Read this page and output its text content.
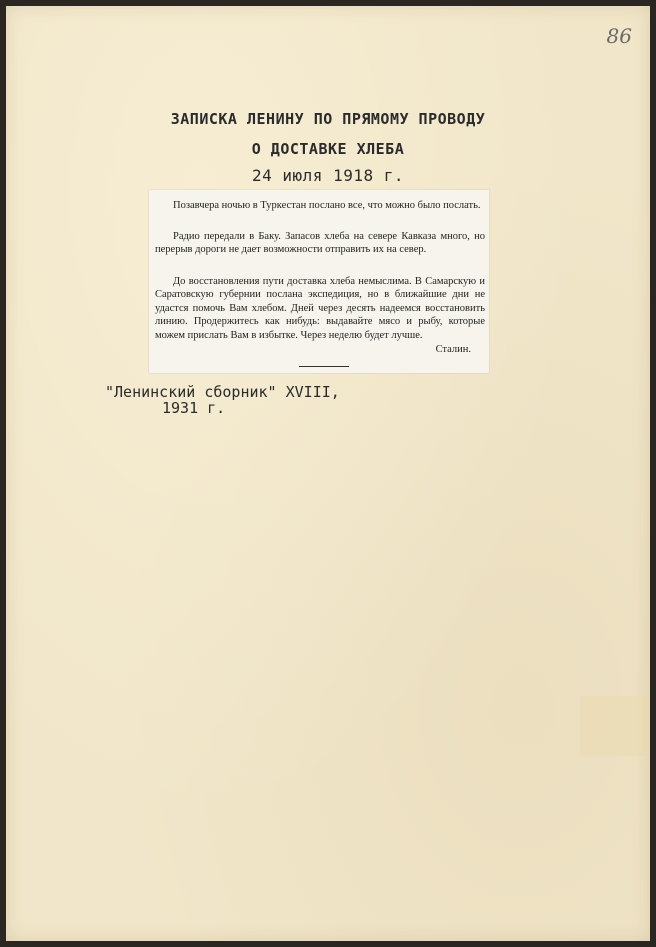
86
ЗАПИСКА ЛЕНИНУ ПО ПРЯМОМУ ПРОВОДУ
О ДОСТАВКЕ ХЛЕБА
24 июля 1918 г.

Позавчера ночью в Туркестан послано все, что можно было послать.

Радио передали в Баку. Запасов хлеба на севере Кавказа много, но перерыв дороги не дает возможности отправить их на север.

До восстановления пути доставка хлеба немыслима. В Самарскую и Саратовскую губернии послана экспедиция, но в ближайшие дни не удастся помочь Вам хлебом. Дней через десять надеемся восстановить линию. Продержитесь как нибудь: выдавайте мясо и рыбу, которые можем прислать Вам в избытке. Через неделю будет лучше.

Сталин.
"Ленинский сборник" XVIII,
1931 г.
